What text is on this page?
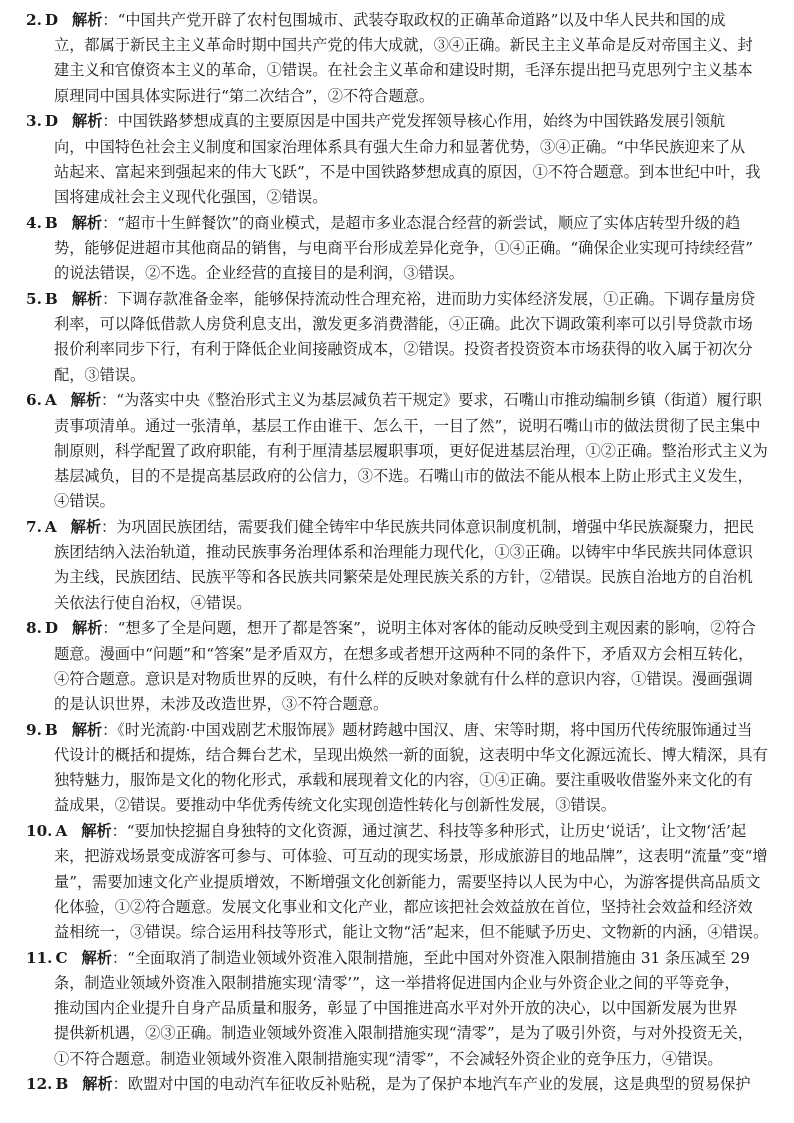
2. D 解析：“中国共产党开辟了农村包围城市、武装夺取政权的正确革命道路”以及中华人民共和国的成
立，都属于新民主主义革命时期中国共产党的伟大成就，③④正确。新民主主义革命是反对帝国主义、封
建主义和官僚资本主义的革命，①错误。在社会主义革命和建设时期，毛泽东提出把马克思列宁主义基本
原理同中国具体实际进行“第二次结合”，②不符合题意。
3. D 解析：中国铁路梦想成真的主要原因是中国共产党发挥领导核心作用，始终为中国铁路发展引领航
向，中国特色社会主义制度和国家治理体系具有强大生命力和显著优势，③④正确。“中华民族迎来了从
站起来、富起来到强起来的伟大飞跃”，不是中国铁路梦想成真的原因，①不符合题意。到本世纪中叶，我
国将建成社会主义现代化强国，②错误。
4. B 解析：“超市十生鲜餐饮”的商业模式，是超市多业态混合经营的新尝试，顺应了实体店转型升级的趋
势，能够促进超市其他商品的销售，与电商平台形成差异化竞争，①④正确。“确保企业实现可持续经营”
的说法错误，②不选。企业经营的直接目的是利润，③错误。
5. B 解析：下调存款准备金率，能够保持流动性合理充裕，进而助力实体经济发展，①正确。下调存量房贷
利率，可以降低借款人房贷利息支出，激发更多消费潜能，④正确。此次下调政策利率可以引导贷款市场
报价利率同步下行，有利于降低企业间接融资成本，②错误。投资者投资资本市场获得的收入属于初次分
配，③错误。
6. A 解析：“为落实中央《整治形式主义为基层减负若干规定》要求，石嘴山市推动编制乡镇（街道）履行职
责事项清单。通过一张清单，基层工作由谁干、怎么干，一目了然”，说明石嘴山市的做法贯彻了民主集中
制原则，科学配置了政府职能，有利于厘清基层履职事项，更好促进基层治理，①②正确。整治形式主义为
基层减负，目的不是提高基层政府的公信力，③不选。石嘴山市的做法不能从根本上防止形式主义发生，
④错误。
7. A 解析：为巩固民族团结，需要我们健全铸牢中华民族共同体意识制度机制，增强中华民族凝聚力，把民
族团结纳入法治轨道，推动民族事务治理体系和治理能力现代化，①③正确。以铸牢中华民族共同体意识
为主线，民族团结、民族平等和各民族共同繁荣是处理民族关系的方针，②错误。民族自治地方的自治机
关依法行使自治权，④错误。
8. D 解析：“想多了全是问题，想开了都是答案”，说明主体对客体的能动反映受到主观因素的影响，②符合
题意。漫画中“问题”和“答案”是矛盾双方，在想多或者想开这两种不同的条件下，矛盾双方会相互转化，
④符合题意。意识是对物质世界的反映，有什么样的反映对象就有什么样的意识内容，①错误。漫画强调
的是认识世界，未涉及改造世界，③不符合题意。
9. B 解析：《时光流韵·中国戏剧艺术服饰展》题材跨越中国汉、唐、宋等时期，将中国历代传统服饰通过当
代设计的概括和提炼，结合舞台艺术，呈现出焕然一新的面貌，这表明中华文化源远流长、博大精深，具有
独特魅力，服饰是文化的物化形式，承载和展现着文化的内容，①④正确。要注重吸收借鉴外来文化的有
益成果，②错误。要推动中华优秀传统文化实现创造性转化与创新性发展，③错误。
10. A 解析：“要加快挖掘自身独特的文化资源，通过演艺、科技等多种形式，让历史‘说话’，让文物‘活’起
来，把游戏场景变成游客可参与、可体验、可互动的现实场景，形成旅游目的地品牌”，这表明“流量”变“增
量”，需要加速文化产业提质增效，不断增强文化创新能力，需要坚持以人民为中心，为游客提供高品质文
化体验，①②符合题意。发展文化事业和文化产业，都应该把社会效益放在首位，坚持社会效益和经济效
益相统一，③错误。综合运用科技等形式，能让文物“活”起来，但不能赋予历史、文物新的内涵，④错误。
11. C 解析：“全面取消了制造业领域外资准入限制措施，至此中国对外资准入限制措施由 31 条压减至 29
条，制造业领域外资准入限制措施实现‘清零’”，这一举措将促进国内企业与外资企业之间的平等竞争，
推动国内企业提升自身产品质量和服务，彰显了中国推进高水平对外开放的决心，以中国新发展为世界
提供新机遇，②③正确。制造业领域外资准入限制措施实现“清零”，是为了吸引外资，与对外投资无关，
①不符合题意。制造业领域外资准入限制措施实现“清零”，不会减轻外资企业的竞争压力，④错误。
12. B 解析：欧盟对中国的电动汽车征收反补贴税，是为了保护本地汽车产业的发展，这是典型的贸易保护
